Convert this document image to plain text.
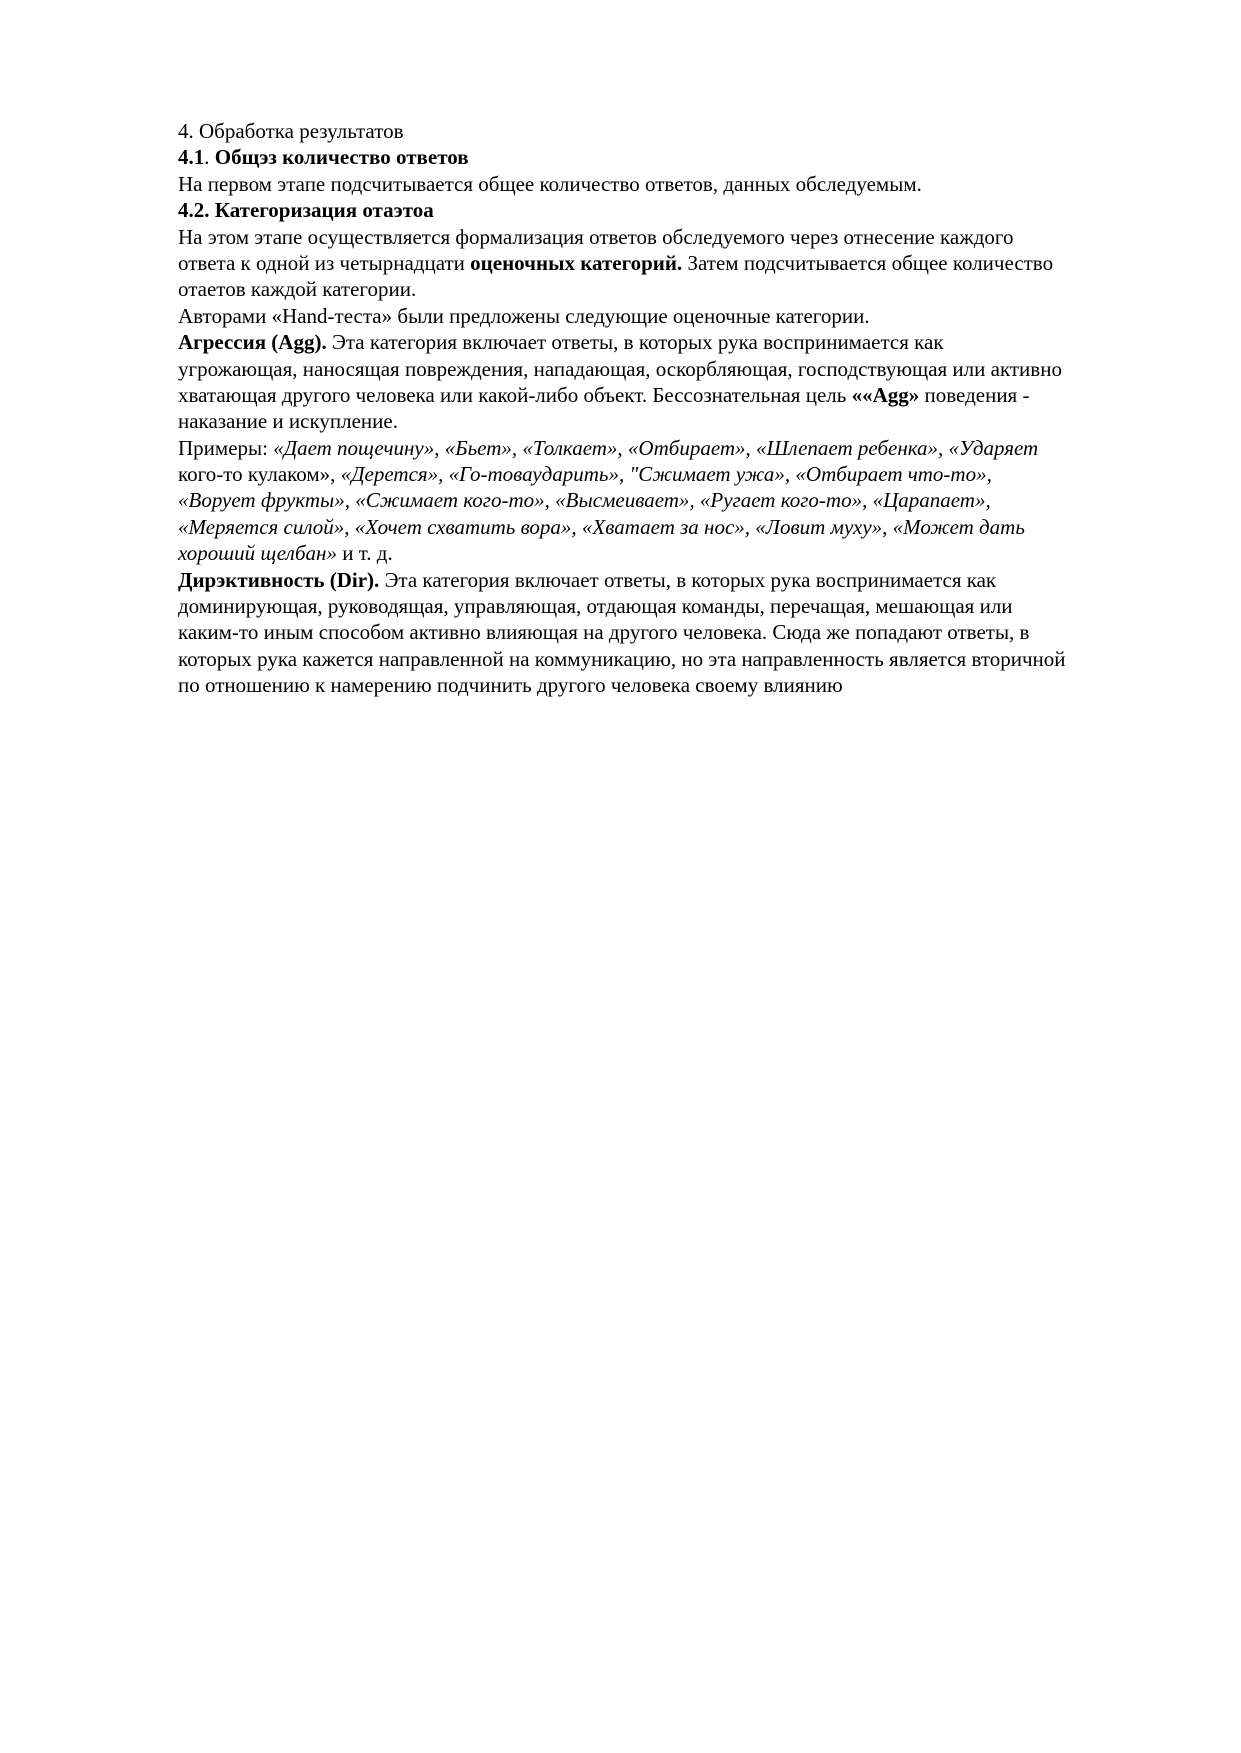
4. Обработка результатов
4.1. Общэз количество ответов
На первом этапе подсчитывается общее количество ответов, данных обследуемым.
4.2. Категоризация отаэтоа
На этом этапе осуществляется формализация ответов обследуемого через отнесение каждого
ответа к одной из четырнадцати оценочных категорий. Затем подсчитывается общее количество
отаетов каждой категории.
Авторами «Hand-теста» были предложены следующие оценочные категории.
Агрессия (Agg). Эта категория включает ответы, в которых рука воспринимается как
угрожающая, наносящая повреждения, нападающая, оскорбляющая, господствующая или активно
хватающая другого человека или какой-либо объект. Бессознательная цель ««Agg» поведения -
наказание и искупление.
Примеры: «Дает пощечину», «Бьет», «Толкает», «Отбирает», «Шлепает ребенка», «Ударяет
кого-то кулаком», «Дерется», «Го-товаударить», "Сжимает ужа», «Отбирает что-то»,
«Ворует фрукты», «Сжимает кого-то», «Высмеивает», «Ругает кого-то», «Царапает»,
«Меряется силой», «Хочет схватить вора», «Хватает за нос», «Ловит муху», «Может дать
хороший щелбан» и т. д.
Дирэктивность (Dir). Эта категория включает ответы, в которых рука воспринимается как
доминирующая, руководящая, управляющая, отдающая команды, перечащая, мешающая или
каким-то иным способом активно влияющая на другого человека. Сюда же попадают ответы, в
которых рука кажется направленной на коммуникацию, но эта направленность является вторичной
по отношению к намерению подчинить другого человека своему влиянию
